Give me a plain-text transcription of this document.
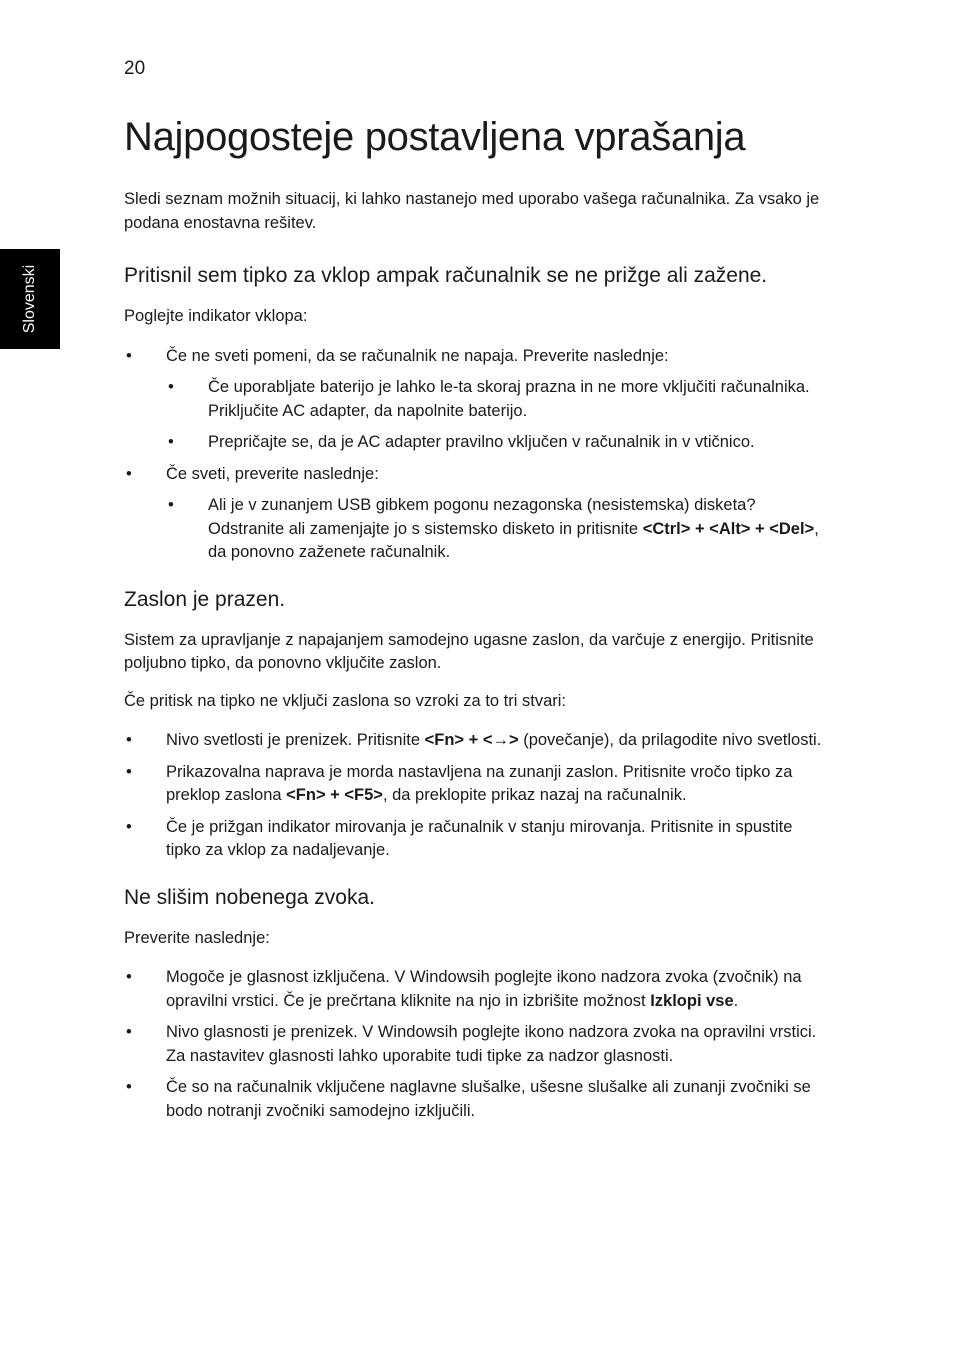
20
Slovenski
Najpogosteje postavljena vprašanja

Sledi seznam možnih situacij, ki lahko nastanejo med uporabo vašega računalnika. Za vsako je podana enostavna rešitev.

Pritisnil sem tipko za vklop ampak računalnik se ne prižge ali zažene.

Poglejte indikator vklopa:

• Če ne sveti pomeni, da se računalnik ne napaja. Preverite naslednje:
• Če uporabljate baterijo je lahko le-ta skoraj prazna in ne more vključiti računalnika. Priključite AC adapter, da napolnite baterijo.
• Prepričajte se, da je AC adapter pravilno vključen v računalnik in v vtičnico.
• Če sveti, preverite naslednje:
• Ali je v zunanjem USB gibkem pogonu nezagonska (nesistemska) disketa? Odstranite ali zamenjajte jo s sistemsko disketo in pritisnite <Ctrl> + <Alt> + <Del>, da ponovno zaženete računalnik.
Zaslon je prazen.

Sistem za upravljanje z napajanjem samodejno ugasne zaslon, da varčuje z energijo. Pritisnite poljubno tipko, da ponovno vključite zaslon.

Če pritisk na tipko ne vključi zaslona so vzroki za to tri stvari:

• Nivo svetlosti je prenizek. Pritisnite <Fn> + <→> (povečanje), da prilagodite nivo svetlosti.
• Prikazovalna naprava je morda nastavljena na zunanji zaslon. Pritisnite vročo tipko za preklop zaslona <Fn> + <F5>, da preklopite prikaz nazaj na računalnik.
• Če je prižgan indikator mirovanja je računalnik v stanju mirovanja. Pritisnite in spustite tipko za vklop za nadaljevanje.
Ne slišim nobenega zvoka.

Preverite naslednje:

• Mogoče je glasnost izključena. V Windowsih poglejte ikono nadzora zvoka (zvočnik) na opravilni vrstici. Če je prečrtana kliknite na njo in izbrišite možnost Izklopi vse.
• Nivo glasnosti je prenizek. V Windowsih poglejte ikono nadzora zvoka na opravilni vrstici. Za nastavitev glasnosti lahko uporabite tudi tipke za nadzor glasnosti.
• Če so na računalnik vključene naglavne slušalke, ušesne slušalke ali zunanji zvočniki se bodo notranji zvočniki samodejno izključili.
